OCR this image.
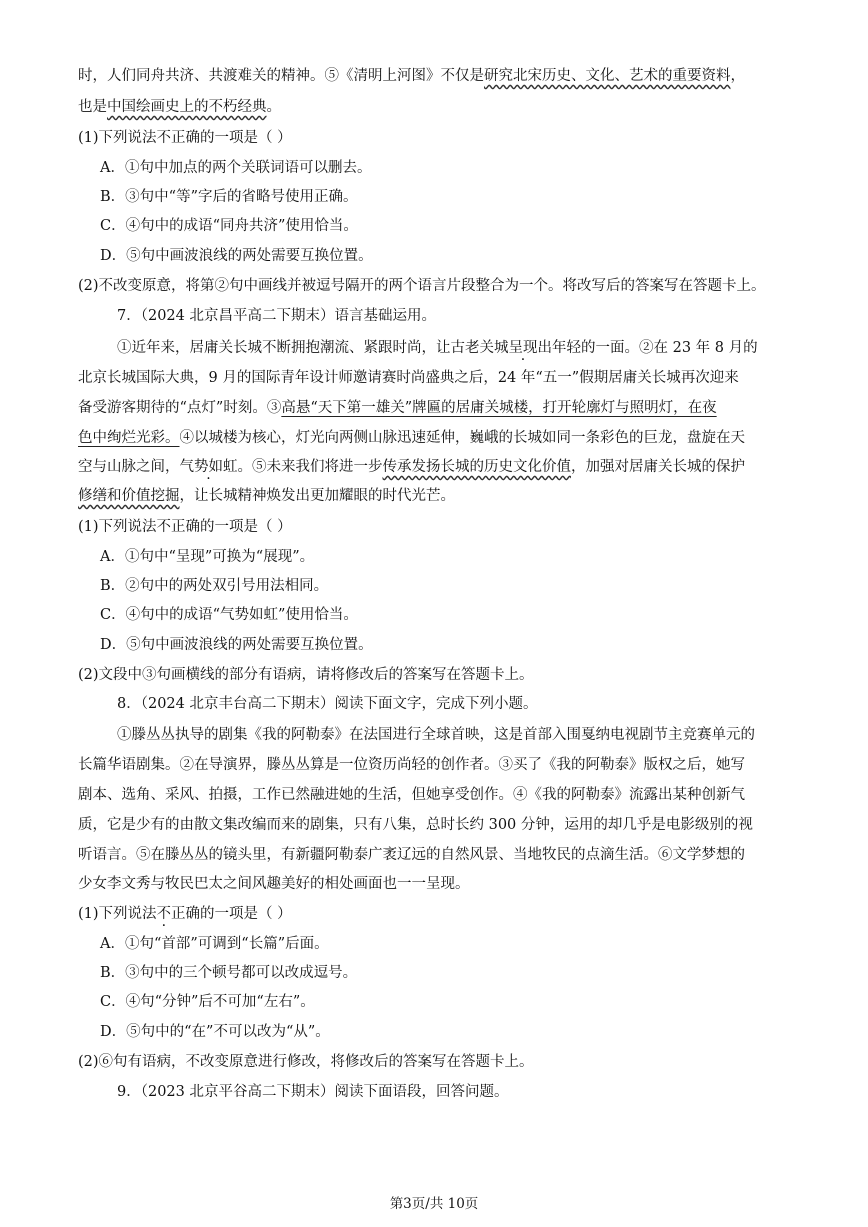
时，人们同舟共济、共渡难关的精神。⑤《清明上河图》不仅是研究北宋历史、文化、艺术的重要资料，
也是中国绘画史上的不朽经典。
(1)下列说法不正确的一项是（ ）
A．①句中加点的两个关联词语可以删去。
B．③句中“等”字后的省略号使用正确。
C．④句中的成语“同舟共济”使用恰当。
D．⑤句中画波浪线的两处需要互换位置。
(2)不改变原意，将第②句中画线并被逗号隔开的两个语言片段整合为一个。将改写后的答案写在答题卡上。
7．（2024 北京昌平高二下期末）语言基础运用。
①近年来，居庸关长城不断拥抱潮流、紧跟时尚，让古老关城呈现出年轻的一面。②在 23 年 8 月的
北京长城国际大典，9 月的国际青年设计师邀请赛时尚盛典之后，24 年“五一”假期居庸关长城再次迎来
备受游客期待的“点灯”时刻。③高悬“天下第一雄关”牌匾的居庸关城楼，打开轮廓灯与照明灯，在夜
色中绚烂光彩。④以城楼为核心，灯光向两侧山脉迅速延伸，巍峨的长城如同一条彩色的巨龙，盘旋在天
空与山脉之间，气势如虹。⑤未来我们将进一步传承发扬长城的历史文化价值，加强对居庸关长城的保护
修缮和价值挖掘，让长城精神焕发出更加耀眼的时代光芒。
(1)下列说法不正确的一项是（ ）
A．①句中“呈现”可换为“展现”。
B．②句中的两处双引号用法相同。
C．④句中的成语“气势如虹”使用恰当。
D．⑤句中画波浪线的两处需要互换位置。
(2)文段中③句画横线的部分有语病，请将修改后的答案写在答题卡上。
8．（2024 北京丰台高二下期末）阅读下面文字，完成下列小题。
①滕丛丛执导的剧集《我的阿勒泰》在法国进行全球首映，这是首部入围戛纳电视剧节主竞赛单元的
长篇华语剧集。②在导演界，滕丛丛算是一位资历尚轻的创作者。③买了《我的阿勒泰》版权之后，她写
剧本、选角、采风、拍摄，工作已然融进她的生活，但她享受创作。④《我的阿勒泰》流露出某种创新气
质，它是少有的由散文集改编而来的剧集，只有八集，总时长约 300 分钟，运用的却几乎是电影级别的视
听语言。⑤在滕丛丛的镜头里，有新疆阿勒泰广袤辽远的自然风景、当地牧民的点滴生活。⑥文学梦想的
少女李文秀与牧民巴太之间风趣美好的相处画面也一一呈现。
(1)下列说法不正确的一项是（ ）
A．①句“首部”可调到“长篇”后面。
B．③句中的三个顿号都可以改成逗号。
C．④句“分钟”后不可加“左右”。
D．⑤句中的“在”不可以改为“从”。
(2)⑥句有语病，不改变原意进行修改，将修改后的答案写在答题卡上。
9．（2023 北京平谷高二下期末）阅读下面语段，回答问题。
第3页/共 10页
